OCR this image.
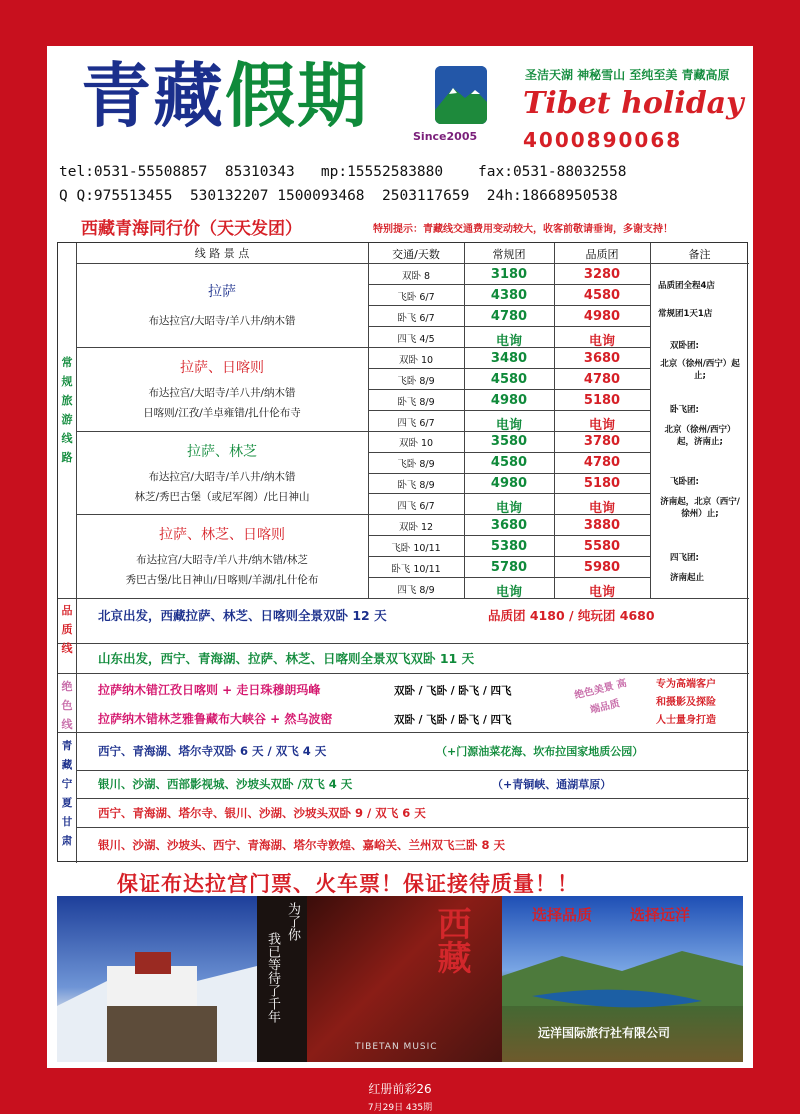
青藏假期	Since2005
圣洁天湖 神秘雪山 至纯至美 青藏高原
Tibet holiday
4000890068
tel:0531-55508857  85310343   mp:15552583880    fax:0531-88032558
Q Q:975513455  530132207 1500093468  2503117659  24h:18668950538
西藏青海同行价（天天发团）	特别提示：青藏线交通费用变动较大，收客前敬请垂询，多谢支持！
线 路 景 点	交通/天数	常规团	品质团	备注
常规旅游线路
拉萨
布达拉宫/大昭寺/羊八井/纳木错
双卧 8	3180	3280
飞卧 6/7	4380	4580
卧飞 6/7	4780	4980
四飞 4/5	电询	电询
拉萨、日喀则
布达拉宫/大昭寺/羊八井/纳木错
日喀则/江孜/羊卓雍错/扎什伦布寺
双卧 10	3480	3680
飞卧 8/9	4580	4780
卧飞 8/9	4980	5180
四飞 6/7	电询	电询
拉萨、林芝
布达拉宫/大昭寺/羊八井/纳木错
林芝/秀巴古堡（或尼军阁）/比日神山
双卧 10	3580	3780
飞卧 8/9	4580	4780
卧飞 8/9	4980	5180
四飞 6/7	电询	电询
拉萨、林芝、日喀则
布达拉宫/大昭寺/羊八井/纳木错/林芝
秀巴古堡/比日神山/日喀则/羊湖/扎什伦布
双卧 12	3680	3880
飞卧 10/11	5380	5580
卧飞 10/11	5780	5980
四飞 8/9	电询	电询
品质团全程4店
常规团1天1店
双卧团:
北京（徐州/西宁）起止;
卧飞团:
北京（徐州/西宁）起，济南止;
飞卧团:
济南起，北京（西宁/徐州）止;
四飞团:
济南起止
品质线
北京出发，西藏拉萨、林芝、日喀则全景双卧 12 天	品质团 4180 / 纯玩团 4680
山东出发，西宁、青海湖、拉萨、林芝、日喀则全景双飞双卧 11 天
绝色线
拉萨纳木错江孜日喀则 + 走日珠穆朗玛峰	双卧 / 飞卧 / 卧飞 / 四飞
拉萨纳木错林芝雅鲁藏布大峡谷 + 然乌波密	双卧 / 飞卧 / 卧飞 / 四飞
绝色美景 高端品质
专为高端客户
和摄影及探险
人士量身打造
青藏宁夏甘肃
西宁、青海湖、塔尔寺双卧 6 天 / 双飞 4 天	（+门源油菜花海、坎布拉国家地质公园）
银川、沙湖、西部影视城、沙坡头双卧 /双飞 4 天	（+青铜峡、通湖草原）
西宁、青海湖、塔尔寺、银川、沙湖、沙坡头双卧 9 / 双飞 6 天
银川、沙湖、沙坡头、西宁、青海湖、塔尔寺敦煌、嘉峪关、兰州双飞三卧 8 天
保证布达拉宫门票、火车票！保证接待质量！！
为了你
我已等待了千年	西藏
TIBETAN MUSIC
选择品质	选择远洋
远洋国际旅行社有限公司
红册前彩26
7月29日 435期
